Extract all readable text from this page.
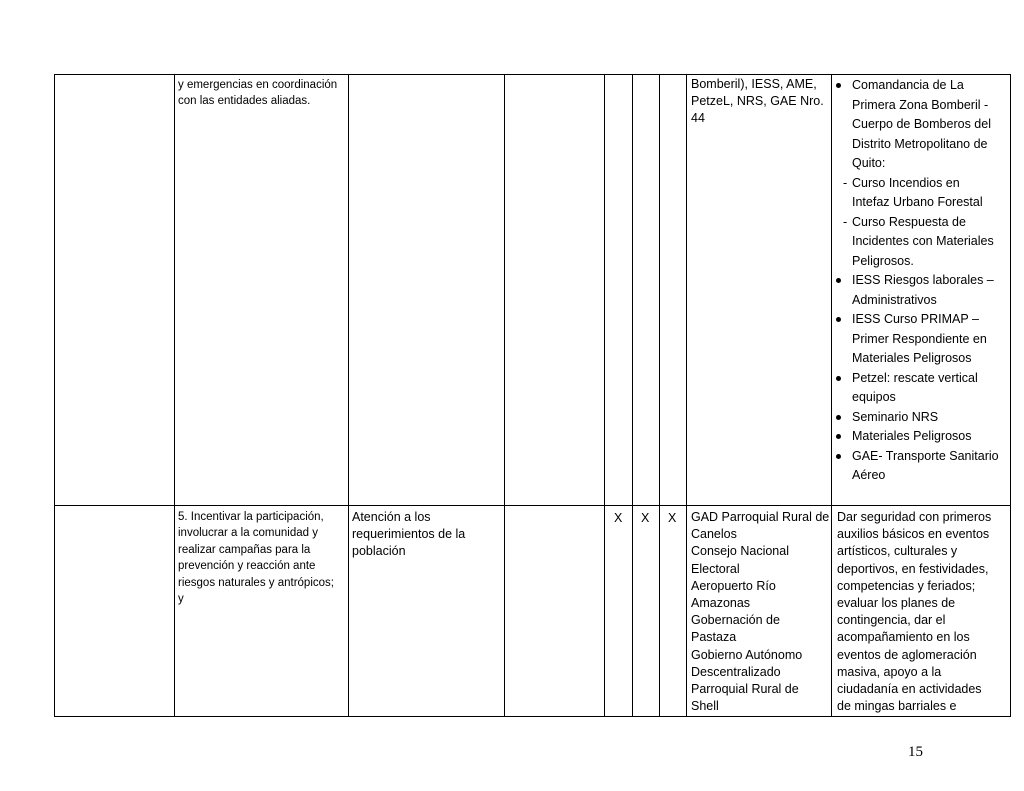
y emergencias en coordinación
con las entidades aliadas.
Bomberil), IESS, AME,
PetzeL, NRS, GAE Nro.
44
Comandancia de La
Primera Zona Bomberil -
Cuerpo de Bomberos del
Distrito Metropolitano de
Quito:
- Curso Incendios en
Intefaz Urbano Forestal
- Curso Respuesta de
Incidentes con Materiales
Peligrosos.
IESS Riesgos laborales –
Administrativos
IESS Curso PRIMAP –
Primer Respondiente en
Materiales Peligrosos
Petzel: rescate vertical
equipos
Seminario NRS
Materiales Peligrosos
GAE- Transporte Sanitario
Aéreo
5. Incentivar la participación,
involucrar a la comunidad y
realizar campañas para la
prevención y reacción ante
riesgos naturales y antrópicos;
y
Atención a los
requerimientos de la
población
X X X GAD Parroquial Rural de
Canelos
Consejo Nacional
Electoral
Aeropuerto Río
Amazonas
Gobernación de
Pastaza
Gobierno Autónomo
Descentralizado
Parroquial Rural de
Shell
Dar seguridad con primeros
auxilios básicos en eventos
artísticos, culturales y
deportivos, en festividades,
competencias y feriados;
evaluar los planes de
contingencia, dar el
acompañamiento en los
eventos de aglomeración
masiva, apoyo a la
ciudadanía en actividades
de mingas barriales e
15
